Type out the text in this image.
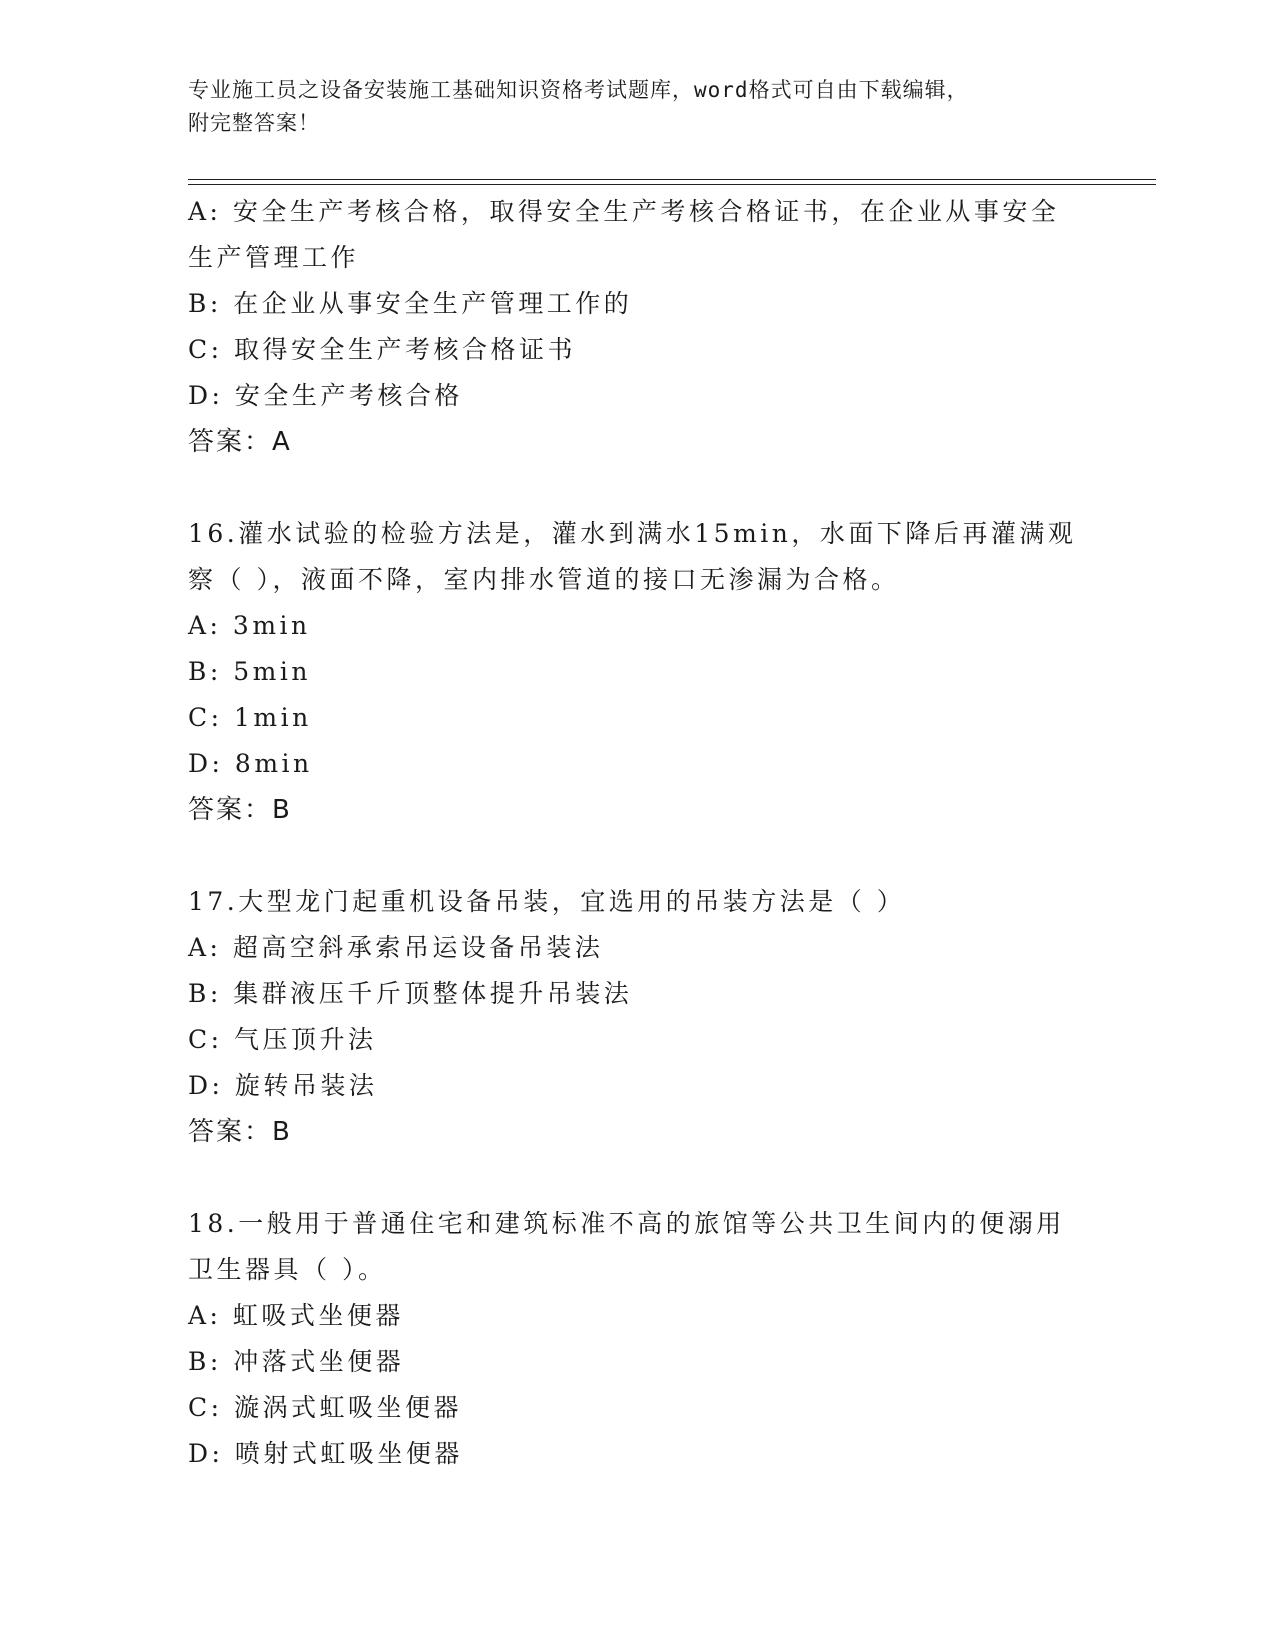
专业施工员之设备安装施工基础知识资格考试题库，word格式可自由下载编辑，
附完整答案！
A: 安全生产考核合格，取得安全生产考核合格证书，在企业从事安全
生产管理工作
B: 在企业从事安全生产管理工作的
C: 取得安全生产考核合格证书
D: 安全生产考核合格
答案：A
16.灌水试验的检验方法是，灌水到满水15min，水面下降后再灌满观
察（ ），液面不降，室内排水管道的接口无渗漏为合格。
A: 3min
B: 5min
C: 1min
D: 8min
答案：B
17.大型龙门起重机设备吊装，宜选用的吊装方法是（ ）
A: 超高空斜承索吊运设备吊装法
B: 集群液压千斤顶整体提升吊装法
C: 气压顶升法
D: 旋转吊装法
答案：B
18.一般用于普通住宅和建筑标准不高的旅馆等公共卫生间内的便溺用
卫生器具（ ）。
A: 虹吸式坐便器
B: 冲落式坐便器
C: 漩涡式虹吸坐便器
D: 喷射式虹吸坐便器
